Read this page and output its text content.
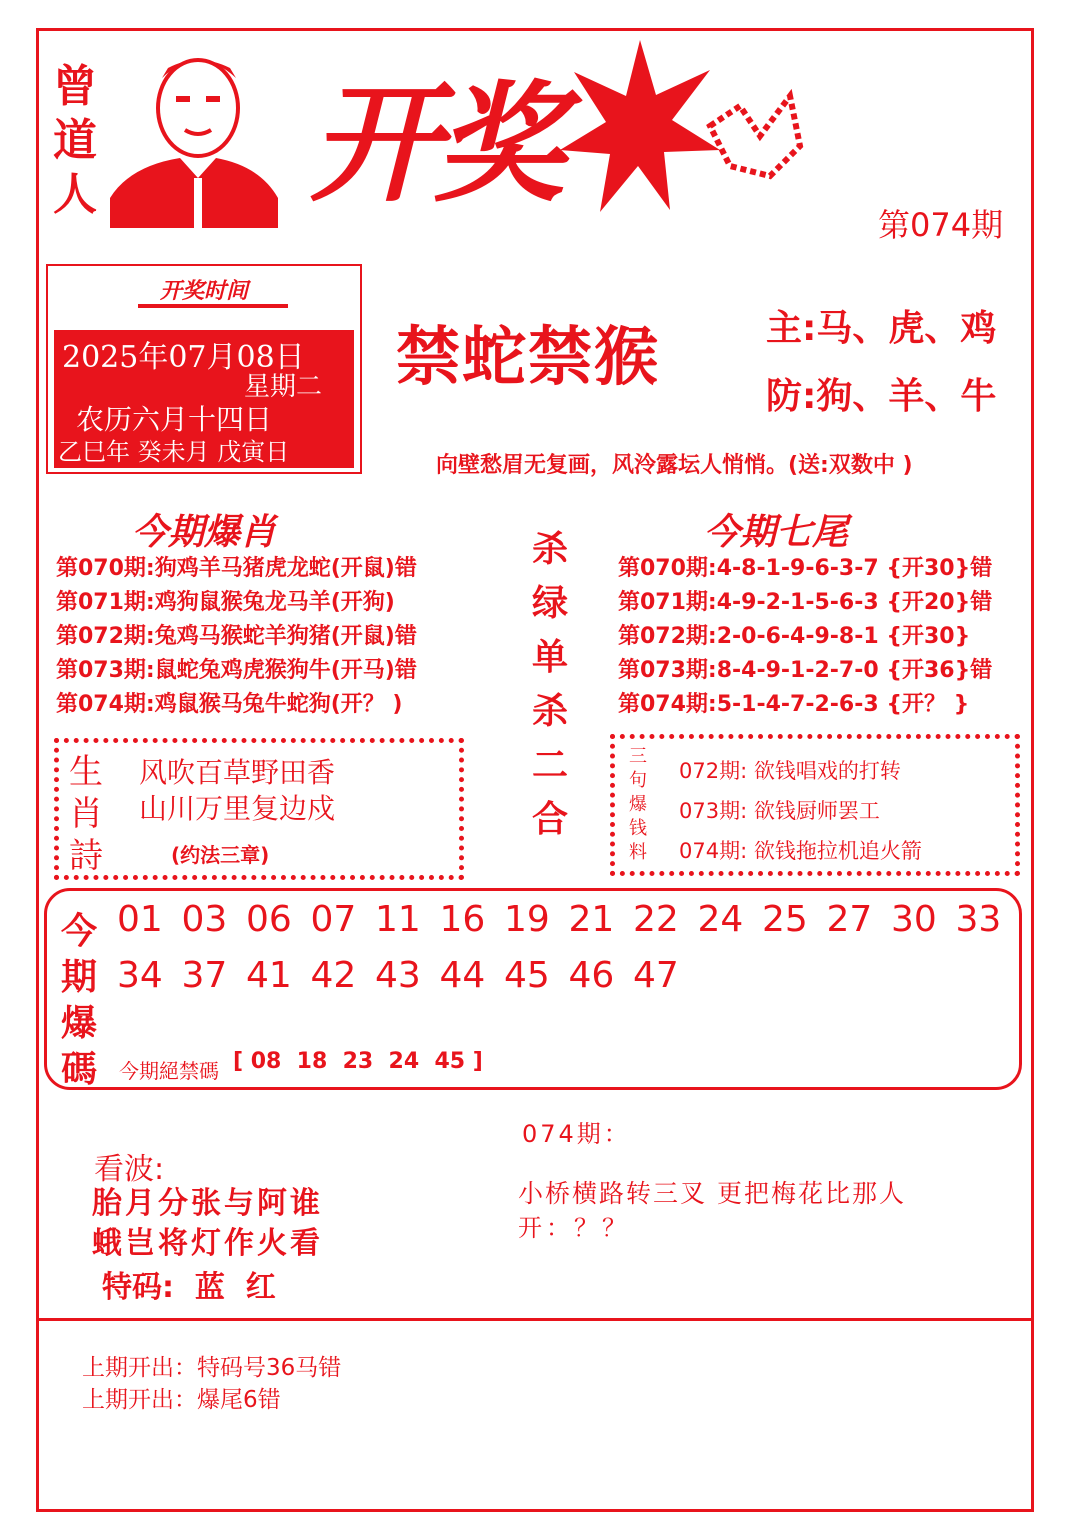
曾
道
人 开奖
第074期
开奖时间
2025年07月08日
星期二
农历六月十四日
乙巳年 癸未月 戊寅日
禁蛇禁猴	主:马、虎、鸡
防:狗、羊、牛
向壁愁眉无复画，风泠露坛人悄悄。(送:双数中 )
今期爆肖
第070期:狗鸡羊马猪虎龙蛇(开鼠)错
第071期:鸡狗鼠猴兔龙马羊(开狗)
第072期:兔鸡马猴蛇羊狗猪(开鼠)错
第073期:鼠蛇兔鸡虎猴狗牛(开马)错
第074期:鸡鼠猴马兔牛蛇狗(开？ )
杀
绿
单
杀
二
合
今期七尾
第070期:4-8-1-9-6-3-7 {开30}错
第071期:4-9-2-1-5-6-3 {开20}错
第072期:2-0-6-4-9-8-1 {开30}
第073期:8-4-9-1-2-7-0 {开36}错
第074期:5-1-4-7-2-6-3 {开？ }
生
肖
詩
风吹百草野田香
山川万里复边戍
(约法三章)
三
句
爆
钱
料
072期: 欲钱唱戏的打转
073期: 欲钱厨师罢工
074期: 欲钱拖拉机追火箭
今
期
爆
碼
01 03 06 07 11 16 19 21 22 24 25 27 30 33
34 37 41 42 43 44 45 46 47
今期絕禁碼 [ 08  18  23  24  45 ]
看波:
胎月分张与阿谁
蛾岂将灯作火看
特码:  蓝  红
074期：
小桥横路转三叉 更把梅花比那人
开：？？
上期开出：特码号36马错
上期开出：爆尾6错
